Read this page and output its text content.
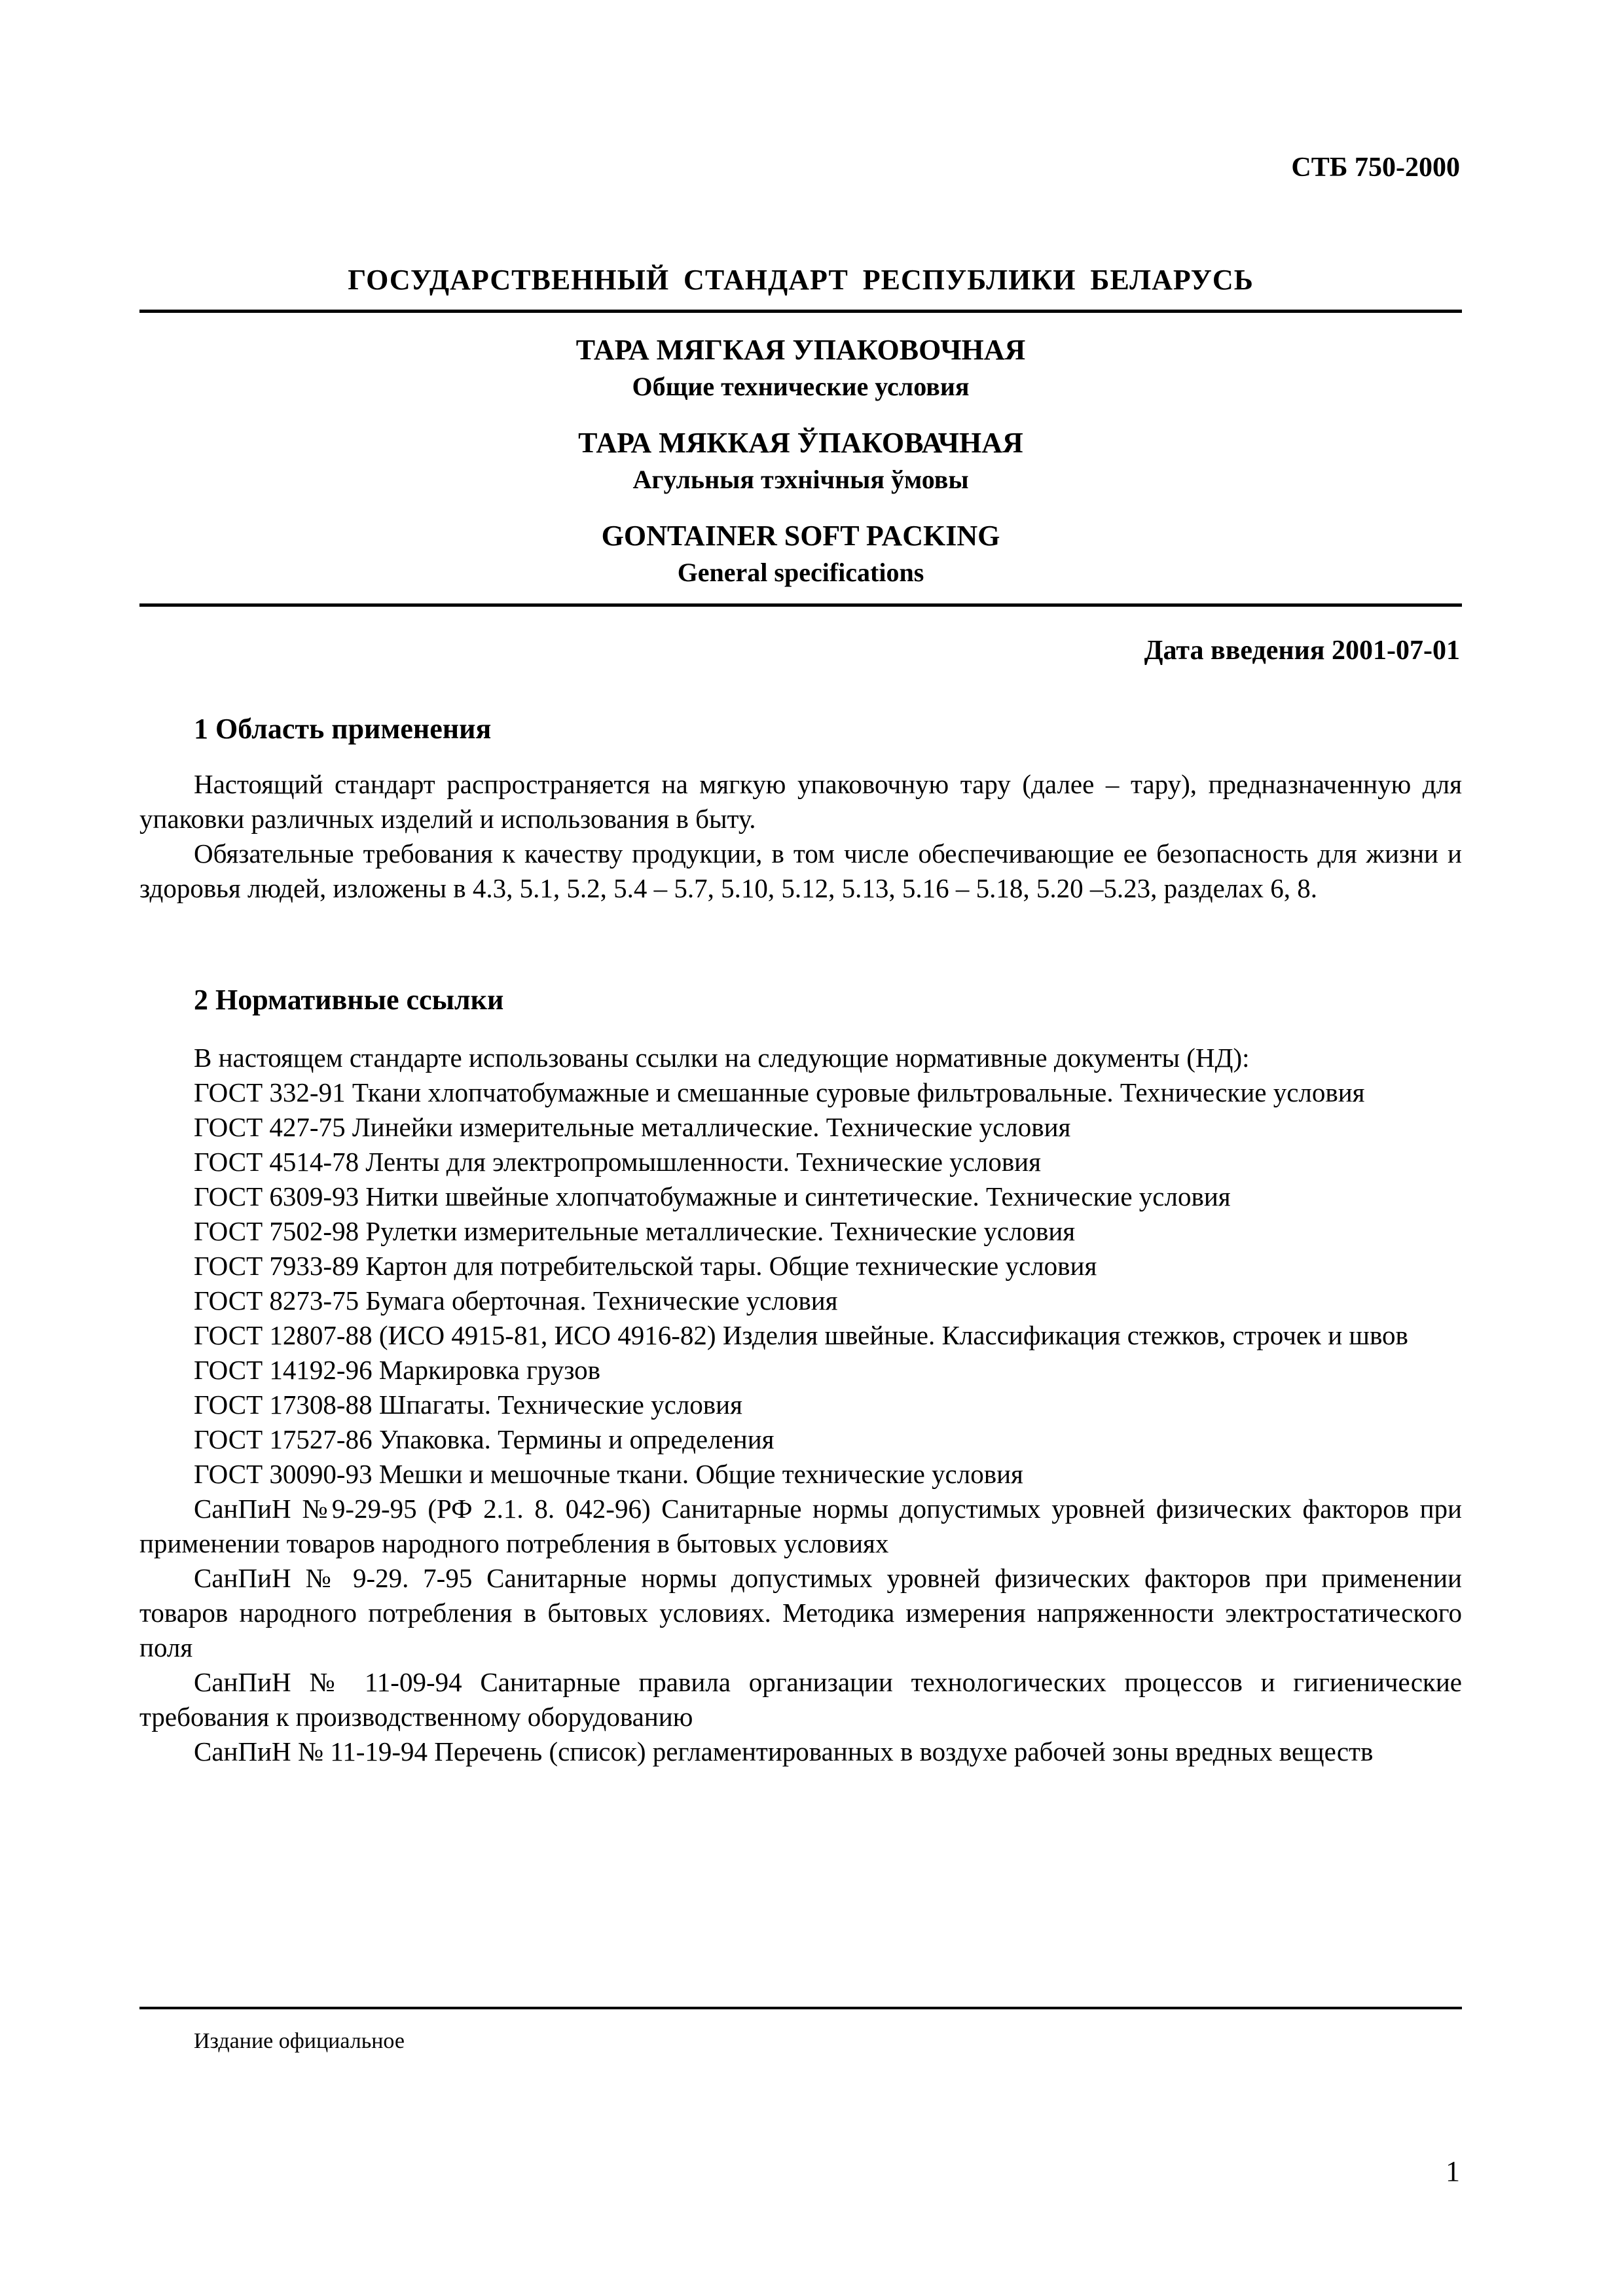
СТБ 750-2000
ГОСУДАРСТВЕННЫЙ СТАНДАРТ РЕСПУБЛИКИ БЕЛАРУСЬ
ТАРА МЯГКАЯ УПАКОВОЧНАЯ
Общие технические условия
ТАРА МЯККАЯ ЎПАКОВАЧНАЯ
Агульныя тэхнічныя ўмовы
GONTAINER SOFT PACKING
General specifications
Дата введения 2001-07-01
1 Область применения

Настоящий стандарт распространяется на мягкую упаковочную тару (далее – тару), предназначенную для упаковки различных изделий и использования в быту.

Обязательные требования к качеству продукции, в том числе обеспечивающие ее безопасность для жизни и здоровья людей, изложены в 4.3, 5.1, 5.2, 5.4 – 5.7, 5.10, 5.12, 5.13, 5.16 – 5.18, 5.20 –5.23, разделах 6, 8.

2 Нормативные ссылки

В настоящем стандарте использованы ссылки на следующие нормативные документы (НД):

ГОСТ 332-91 Ткани хлопчатобумажные и смешанные суровые фильтровальные. Технические условия

ГОСТ 427-75 Линейки измерительные металлические. Технические условия

ГОСТ 4514-78 Ленты для электропромышленности. Технические условия

ГОСТ 6309-93 Нитки швейные хлопчатобумажные и синтетические. Технические условия

ГОСТ 7502-98 Рулетки измерительные металлические. Технические условия

ГОСТ 7933-89 Картон для потребительской тары. Общие технические условия

ГОСТ 8273-75 Бумага оберточная. Технические условия

ГОСТ 12807-88 (ИСО 4915-81, ИСО 4916-82) Изделия швейные. Классификация стежков, строчек и швов

ГОСТ 14192-96 Маркировка грузов

ГОСТ 17308-88 Шпагаты. Технические условия

ГОСТ 17527-86 Упаковка. Термины и определения

ГОСТ 30090-93 Мешки и мешочные ткани. Общие технические условия

СанПиН №9-29-95 (РФ 2.1. 8. 042-96) Санитарные нормы допустимых уровней физических факторов при применении товаров народного потребления в бытовых условиях

СанПиН № 9-29. 7-95 Санитарные нормы допустимых уровней физических факторов при применении товаров народного потребления в бытовых условиях. Методика измерения напряженности электростатического поля

СанПиН № 11-09-94 Санитарные правила организации технологических процессов и гигиенические требования к производственному оборудованию

СанПиН № 11-19-94 Перечень (список) регламентированных в воздухе рабочей зоны вредных веществ

Издание официальное
1
